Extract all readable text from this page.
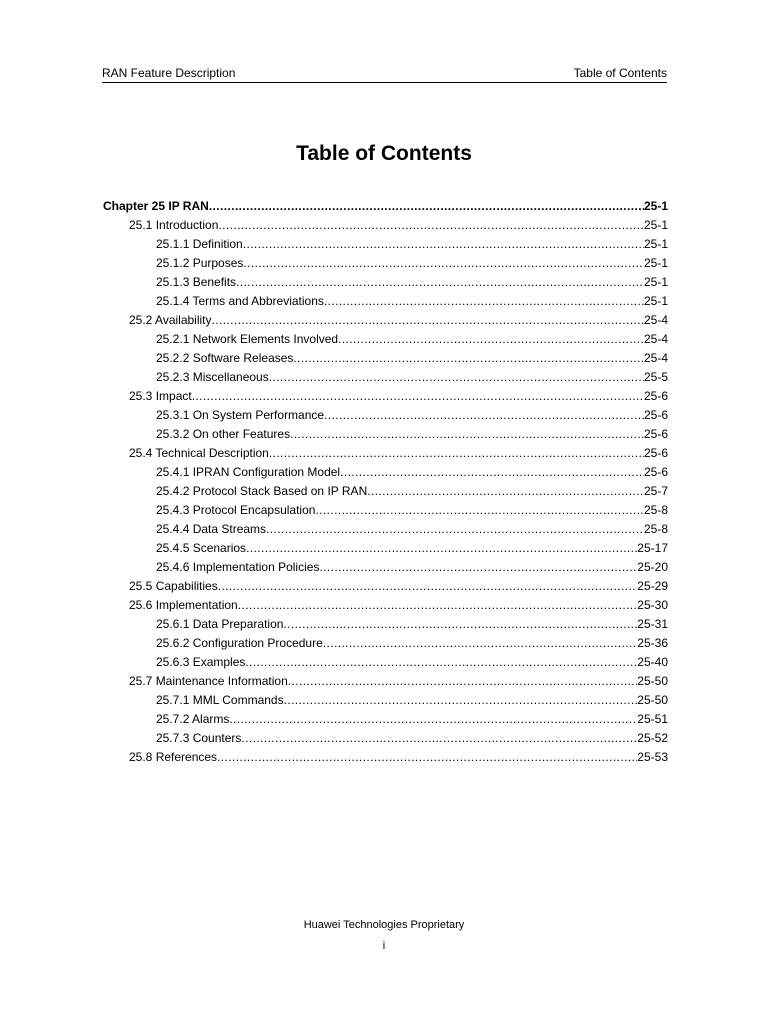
RAN Feature Description	Table of Contents
Table of Contents
Chapter 25 IP RAN .....	25-1
25.1 Introduction .....	25-1
25.1.1 Definition .....	25-1
25.1.2 Purposes .....	25-1
25.1.3 Benefits .....	25-1
25.1.4 Terms and Abbreviations .....	25-1
25.2 Availability .....	25-4
25.2.1 Network Elements Involved .....	25-4
25.2.2 Software Releases .....	25-4
25.2.3 Miscellaneous .....	25-5
25.3 Impact .....	25-6
25.3.1 On System Performance .....	25-6
25.3.2 On other Features .....	25-6
25.4 Technical Description .....	25-6
25.4.1 IPRAN Configuration Model .....	25-6
25.4.2 Protocol Stack Based on IP RAN .....	25-7
25.4.3 Protocol Encapsulation .....	25-8
25.4.4 Data Streams .....	25-8
25.4.5 Scenarios .....	25-17
25.4.6 Implementation Policies .....	25-20
25.5 Capabilities .....	25-29
25.6 Implementation .....	25-30
25.6.1 Data Preparation .....	25-31
25.6.2 Configuration Procedure .....	25-36
25.6.3 Examples .....	25-40
25.7 Maintenance Information .....	25-50
25.7.1 MML Commands .....	25-50
25.7.2 Alarms .....	25-51
25.7.3 Counters .....	25-52
25.8 References .....	25-53
Huawei Technologies Proprietary
i
